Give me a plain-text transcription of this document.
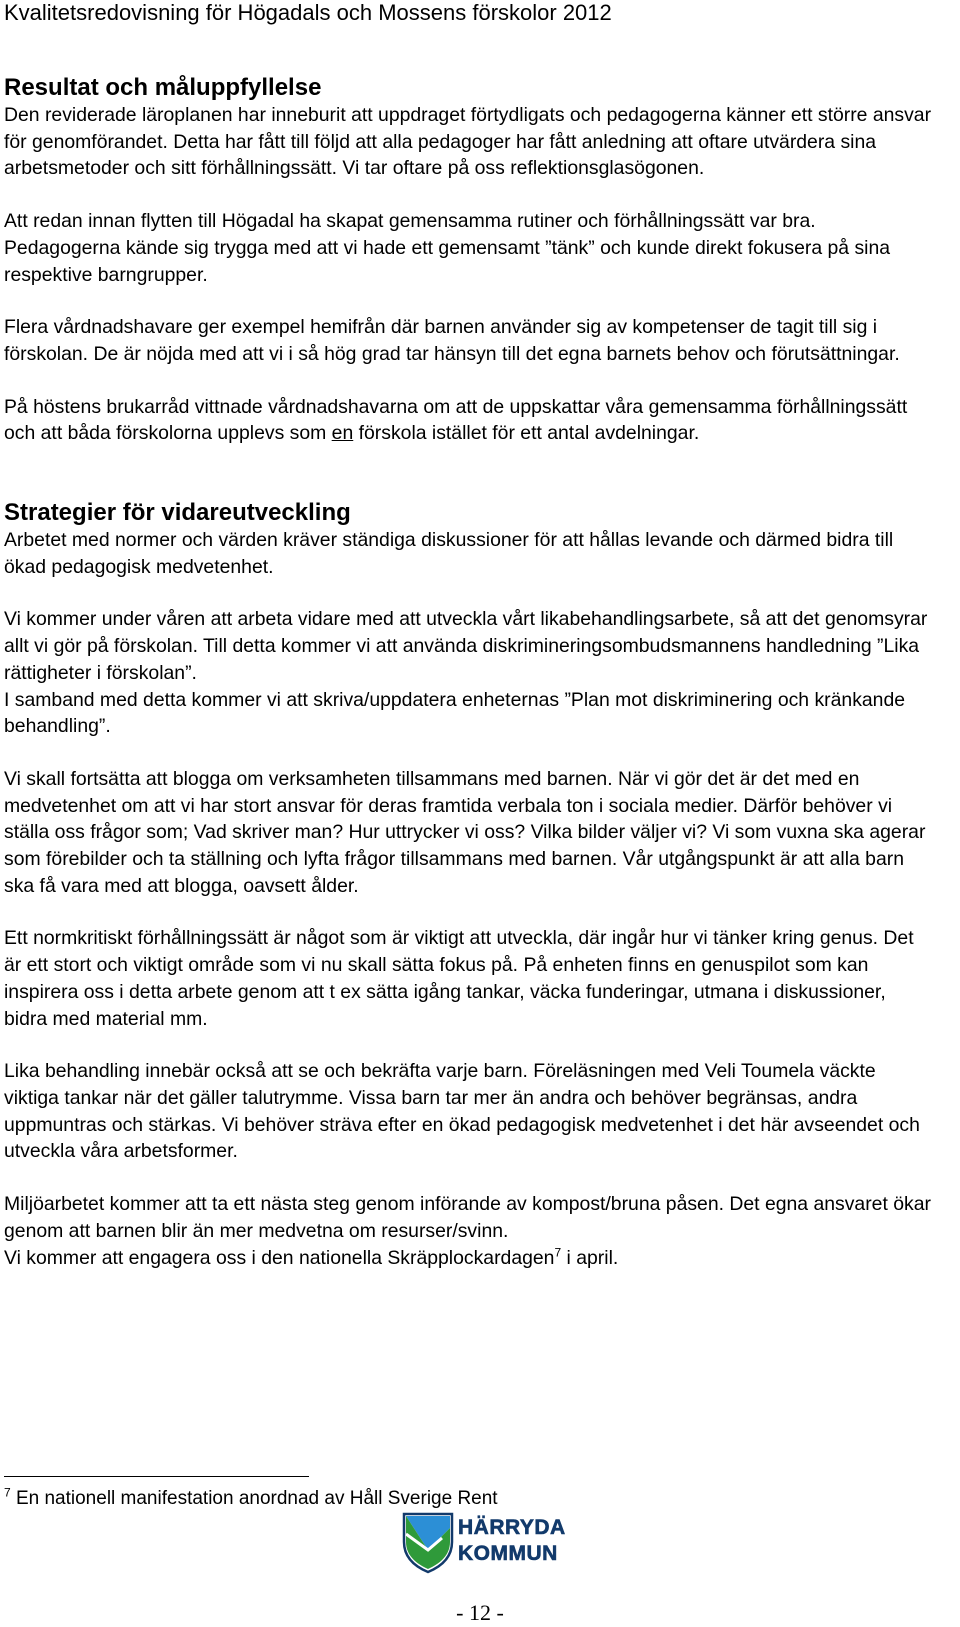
Kvalitetsredovisning för Högadals och Mossens förskolor 2012
Resultat och måluppfyllelse

Den reviderade läroplanen har inneburit att uppdraget förtydligats och pedagogerna känner ett större ansvar för genomförandet. Detta har fått till följd att alla pedagoger har fått anledning att oftare utvärdera sina arbetsmetoder och sitt förhållningssätt. Vi tar oftare på oss reflektionsglasögonen.

Att redan innan flytten till Högadal ha skapat gemensamma rutiner och förhållningssätt var bra. Pedagogerna kände sig trygga med att vi hade ett gemensamt ”tänk” och kunde direkt fokusera på sina respektive barngrupper.

Flera vårdnadshavare ger exempel hemifrån där barnen använder sig av kompetenser de tagit till sig i förskolan. De är nöjda med att vi i så hög grad tar hänsyn till det egna barnets behov och förutsättningar.

På höstens brukarråd vittnade vårdnadshavarna om att de uppskattar våra gemensamma förhållningssätt och att båda förskolorna upplevs som en förskola istället för ett antal avdelningar.

Strategier för vidareutveckling

Arbetet med normer och värden kräver ständiga diskussioner för att hållas levande och därmed bidra till ökad pedagogisk medvetenhet.

Vi kommer under våren att arbeta vidare med att utveckla vårt likabehandlingsarbete, så att det genomsyrar allt vi gör på förskolan. Till detta kommer vi att använda diskrimineringsombudsmannens handledning ”Lika rättigheter i förskolan”.

I samband med detta kommer vi att skriva/uppdatera enheternas ”Plan mot diskriminering och kränkande behandling”.

Vi skall fortsätta att blogga om verksamheten tillsammans med barnen. När vi gör det är det med en medvetenhet om att vi har stort ansvar för deras framtida verbala ton i sociala medier. Därför behöver vi ställa oss frågor som; Vad skriver man? Hur uttrycker vi oss? Vilka bilder väljer vi? Vi som vuxna ska agerar som förebilder och ta ställning och lyfta frågor tillsammans med barnen. Vår utgångspunkt är att alla barn ska få vara med att blogga, oavsett ålder.

Ett normkritiskt förhållningssätt är något som är viktigt att utveckla, där ingår hur vi tänker kring genus. Det är ett stort och viktigt område som vi nu skall sätta fokus på. På enheten finns en genuspilot som kan inspirera oss i detta arbete genom att t ex sätta igång tankar, väcka funderingar, utmana i diskussioner, bidra med material mm.

Lika behandling innebär också att se och bekräfta varje barn. Föreläsningen med Veli Toumela väckte viktiga tankar när det gäller talutrymme. Vissa barn tar mer än andra och behöver begränsas, andra uppmuntras och stärkas. Vi behöver sträva efter en ökad pedagogisk medvetenhet i det här avseendet och utveckla våra arbetsformer.

Miljöarbetet kommer att ta ett nästa steg genom införande av kompost/bruna påsen. Det egna ansvaret ökar genom att barnen blir än mer medvetna om resurser/svinn.

Vi kommer att engagera oss i den nationella Skräpplockardagen$^7$ i april.

$^7$ En nationell manifestation anordnad av Håll Sverige Rent
HÄRRYDA
KOMMUN
- 12 -
